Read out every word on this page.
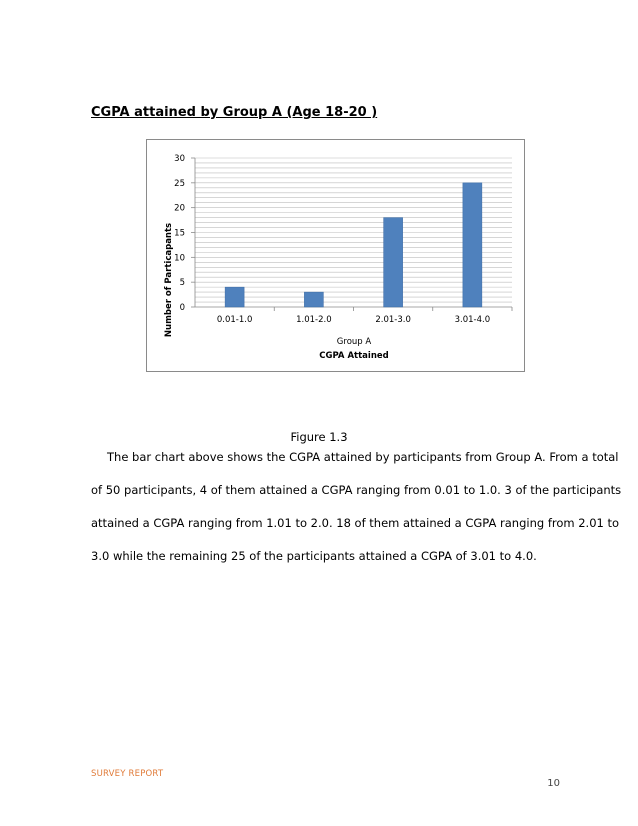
CGPA attained by Group A (Age 18-20 )
0
5
10
15
20
25
30
0.01-1.0	1.01-2.0	2.01-3.0	3.01-4.0
Number of Particapants
Group A
CGPA Attained
Figure 1.3
The bar chart above shows the CGPA attained by participants from Group A. From a total
of 50 participants, 4 of them attained a CGPA ranging from 0.01 to 1.0. 3 of the participants
attained a CGPA ranging from 1.01 to 2.0. 18 of them attained a CGPA ranging from 2.01 to
3.0 while the remaining 25 of the participants attained a CGPA of 3.01 to 4.0.
SURVEY REPORT
10
